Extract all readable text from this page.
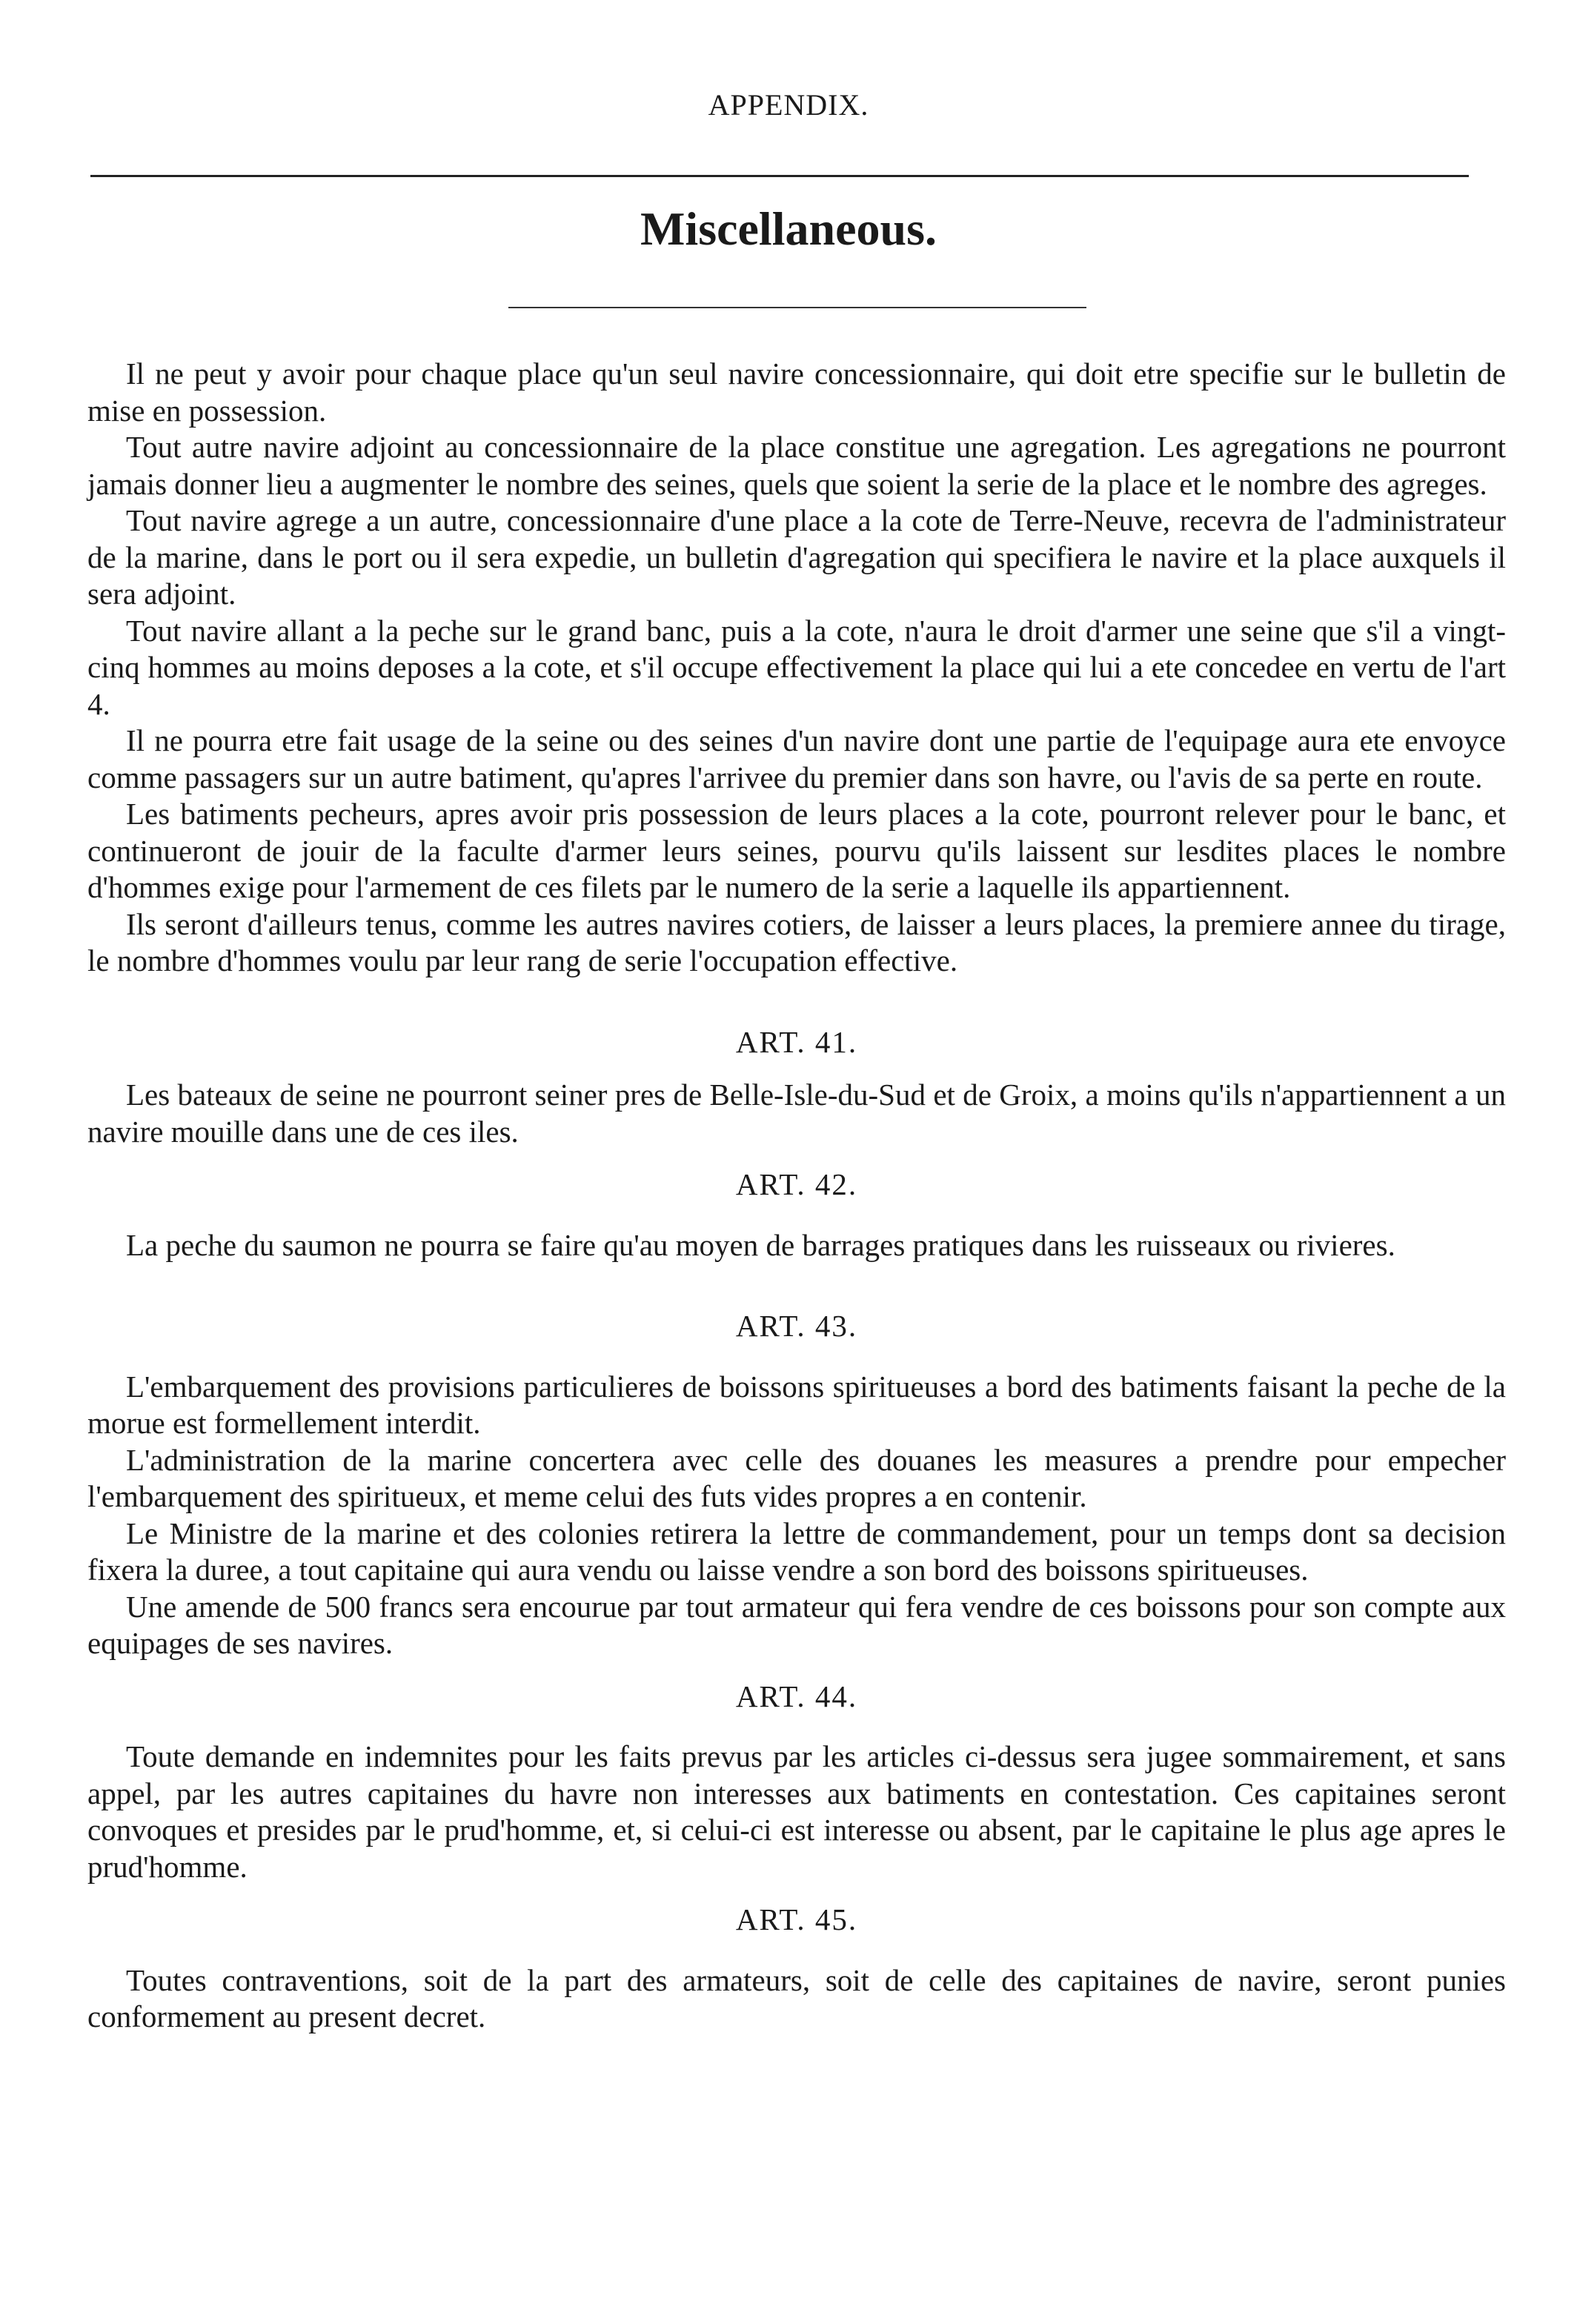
APPENDIX.
Miscellaneous.

Il ne peut y avoir pour chaque place qu'un seul navire concessionnaire, qui doit etre specifie sur le bulletin de mise en possession.

Tout autre navire adjoint au concessionnaire de la place constitue une agregation. Les agregations ne pourront jamais donner lieu a augmenter le nombre des seines, quels que soient la serie de la place et le nombre des agreges.

Tout navire agrege a un autre, concessionnaire d'une place a la cote de Terre-Neuve, recevra de l'administrateur de la marine, dans le port ou il sera expedie, un bulletin d'agregation qui specifiera le navire et la place auxquels il sera adjoint.

Tout navire allant a la peche sur le grand banc, puis a la cote, n'aura le droit d'armer une seine que s'il a vingt-cinq hommes au moins deposes a la cote, et s'il occupe effectivement la place qui lui a ete concedee en vertu de l'art 4.

Il ne pourra etre fait usage de la seine ou des seines d'un navire dont une partie de l'equipage aura ete envoyce comme passagers sur un autre batiment, qu'apres l'arrivee du premier dans son havre, ou l'avis de sa perte en route.

Les batiments pecheurs, apres avoir pris possession de leurs places a la cote, pourront relever pour le banc, et continueront de jouir de la faculte d'armer leurs seines, pourvu qu'ils laissent sur lesdites places le nombre d'hommes exige pour l'armement de ces filets par le numero de la serie a laquelle ils appartiennent.

Ils seront d'ailleurs tenus, comme les autres navires cotiers, de laisser a leurs places, la premiere annee du tirage, le nombre d'hommes voulu par leur rang de serie l'occupation effective.

ART. 41.

Les bateaux de seine ne pourront seiner pres de Belle-Isle-du-Sud et de Groix, a moins qu'ils n'appartiennent a un navire mouille dans une de ces iles.

ART. 42.

La peche du saumon ne pourra se faire qu'au moyen de barrages pratiques dans les ruisseaux ou rivieres.

ART. 43.

L'embarquement des provisions particulieres de boissons spiritueuses a bord des batiments faisant la peche de la morue est formellement interdit.

L'administration de la marine concertera avec celle des douanes les measures a prendre pour empecher l'embarquement des spiritueux, et meme celui des futs vides propres a en contenir.

Le Ministre de la marine et des colonies retirera la lettre de commandement, pour un temps dont sa decision fixera la duree, a tout capitaine qui aura vendu ou laisse vendre a son bord des boissons spiritueuses.

Une amende de 500 francs sera encourue par tout armateur qui fera vendre de ces boissons pour son compte aux equipages de ses navires.

ART. 44.

Toute demande en indemnites pour les faits prevus par les articles ci-dessus sera jugee sommairement, et sans appel, par les autres capitaines du havre non interesses aux batiments en contestation. Ces capitaines seront convoques et presides par le prud'homme, et, si celui-ci est interesse ou absent, par le capitaine le plus age apres le prud'homme.

ART. 45.

Toutes contraventions, soit de la part des armateurs, soit de celle des capitaines de navire, seront punies conformement au present decret.
